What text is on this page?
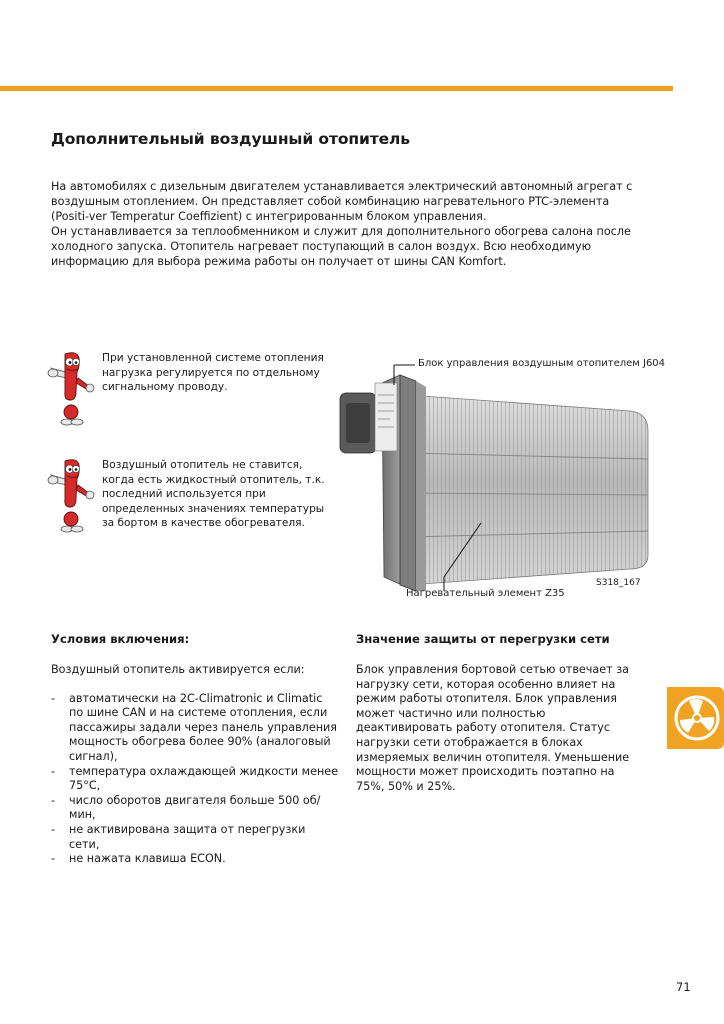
Дополнительный воздушный отопитель

На автомобилях с дизельным двигателем устанавливается электрический автономный агрегат с воздушным отоплением. Он представляет собой комбинацию нагревательного PTC-элемента (Positi-ver Temperatur Coeffizient) с интегрированным блоком управления.

Он устанавливается за теплообменником и служит для дополнительного обогрева салона после холодного запуска. Отопитель нагревает поступающий в салон воздух. Всю необходимую информацию для выбора режима работы он получает от шины CAN Komfort.

При установленной системе отопления нагрузка регулируется по отдельному сигнальному проводу.

Воздушный отопитель не ставится, когда есть жидкостный отопитель, т.к. последний используется при определенных значениях температуры за бортом в качестве обогревателя.

Блок управления воздушным отопителем J604
Нагревательный элемент Z35
S318_167
Условия включения:

Воздушный отопитель активируется если:

- автоматически на 2C-Climatronic и Climatic по шине CAN и на системе отопления, если пассажиры задали через панель управления мощность обогрева более 90% (аналоговый сигнал),
- температура охлаждающей жидкости менее 75°C,
- число оборотов двигателя больше 500 об/мин,
- не активирована защита от перегрузки сети,
- не нажата клавиша ECON.
Значение защиты от перегрузки сети

Блок управления бортовой сетью отвечает за нагрузку сети, которая особенно влияет на режим работы отопителя. Блок управления может частично или полностью деактивировать работу отопителя. Статус нагрузки сети отображается в блоках измеряемых величин отопителя. Уменьшение мощности может происходить поэтапно на 75%, 50% и 25%.

71
